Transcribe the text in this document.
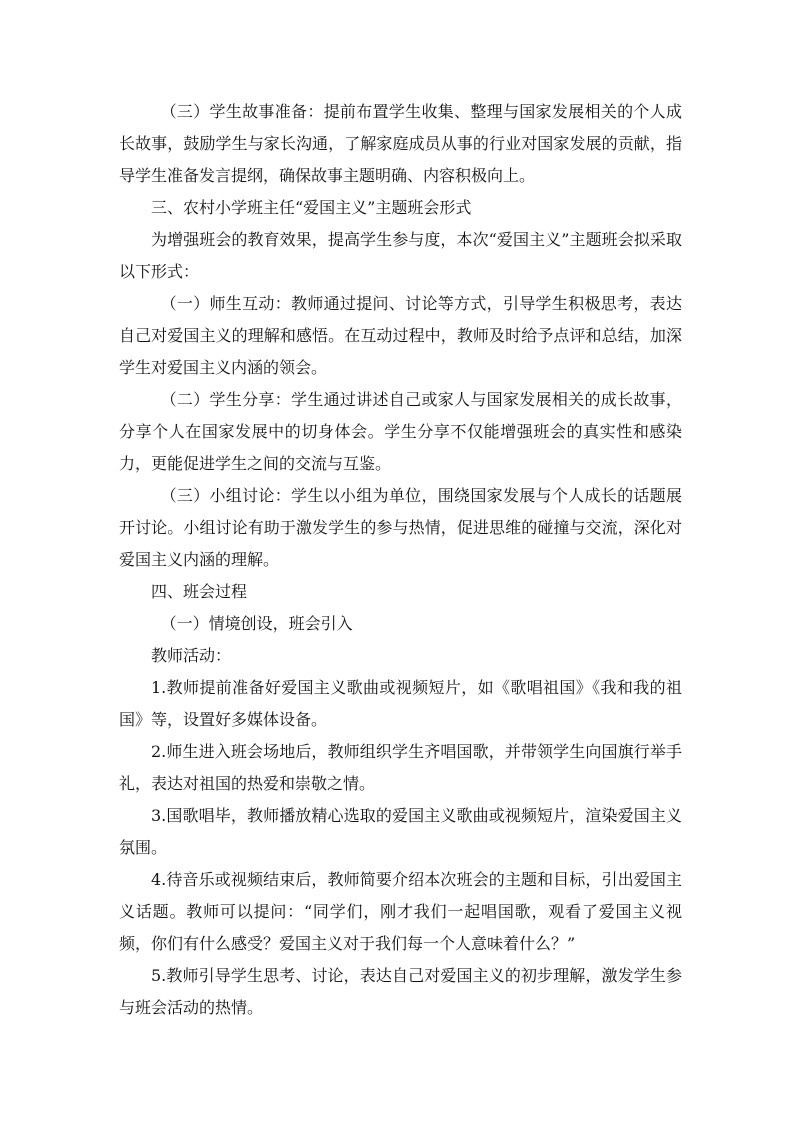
（三）学生故事准备：提前布置学生收集、整理与国家发展相关的个人成长故事，鼓励学生与家长沟通，了解家庭成员从事的行业对国家发展的贡献，指导学生准备发言提纲，确保故事主题明确、内容积极向上。

三、农村小学班主任“爱国主义”主题班会形式

为增强班会的教育效果，提高学生参与度，本次“爱国主义”主题班会拟采取以下形式：

（一）师生互动：教师通过提问、讨论等方式，引导学生积极思考，表达自己对爱国主义的理解和感悟。在互动过程中，教师及时给予点评和总结，加深学生对爱国主义内涵的领会。

（二）学生分享：学生通过讲述自己或家人与国家发展相关的成长故事，分享个人在国家发展中的切身体会。学生分享不仅能增强班会的真实性和感染力，更能促进学生之间的交流与互鉴。

（三）小组讨论：学生以小组为单位，围绕国家发展与个人成长的话题展开讨论。小组讨论有助于激发学生的参与热情，促进思维的碰撞与交流，深化对爱国主义内涵的理解。

四、班会过程

（一）情境创设，班会引入

教师活动：

1.教师提前准备好爱国主义歌曲或视频短片，如《歌唱祖国》《我和我的祖国》等，设置好多媒体设备。

2.师生进入班会场地后，教师组织学生齐唱国歌，并带领学生向国旗行举手礼，表达对祖国的热爱和崇敬之情。

3.国歌唱毕，教师播放精心选取的爱国主义歌曲或视频短片，渲染爱国主义氛围。

4.待音乐或视频结束后，教师简要介绍本次班会的主题和目标，引出爱国主义话题。教师可以提问：“同学们，刚才我们一起唱国歌，观看了爱国主义视频，你们有什么感受？爱国主义对于我们每一个人意味着什么？”

5.教师引导学生思考、讨论，表达自己对爱国主义的初步理解，激发学生参与班会活动的热情。
